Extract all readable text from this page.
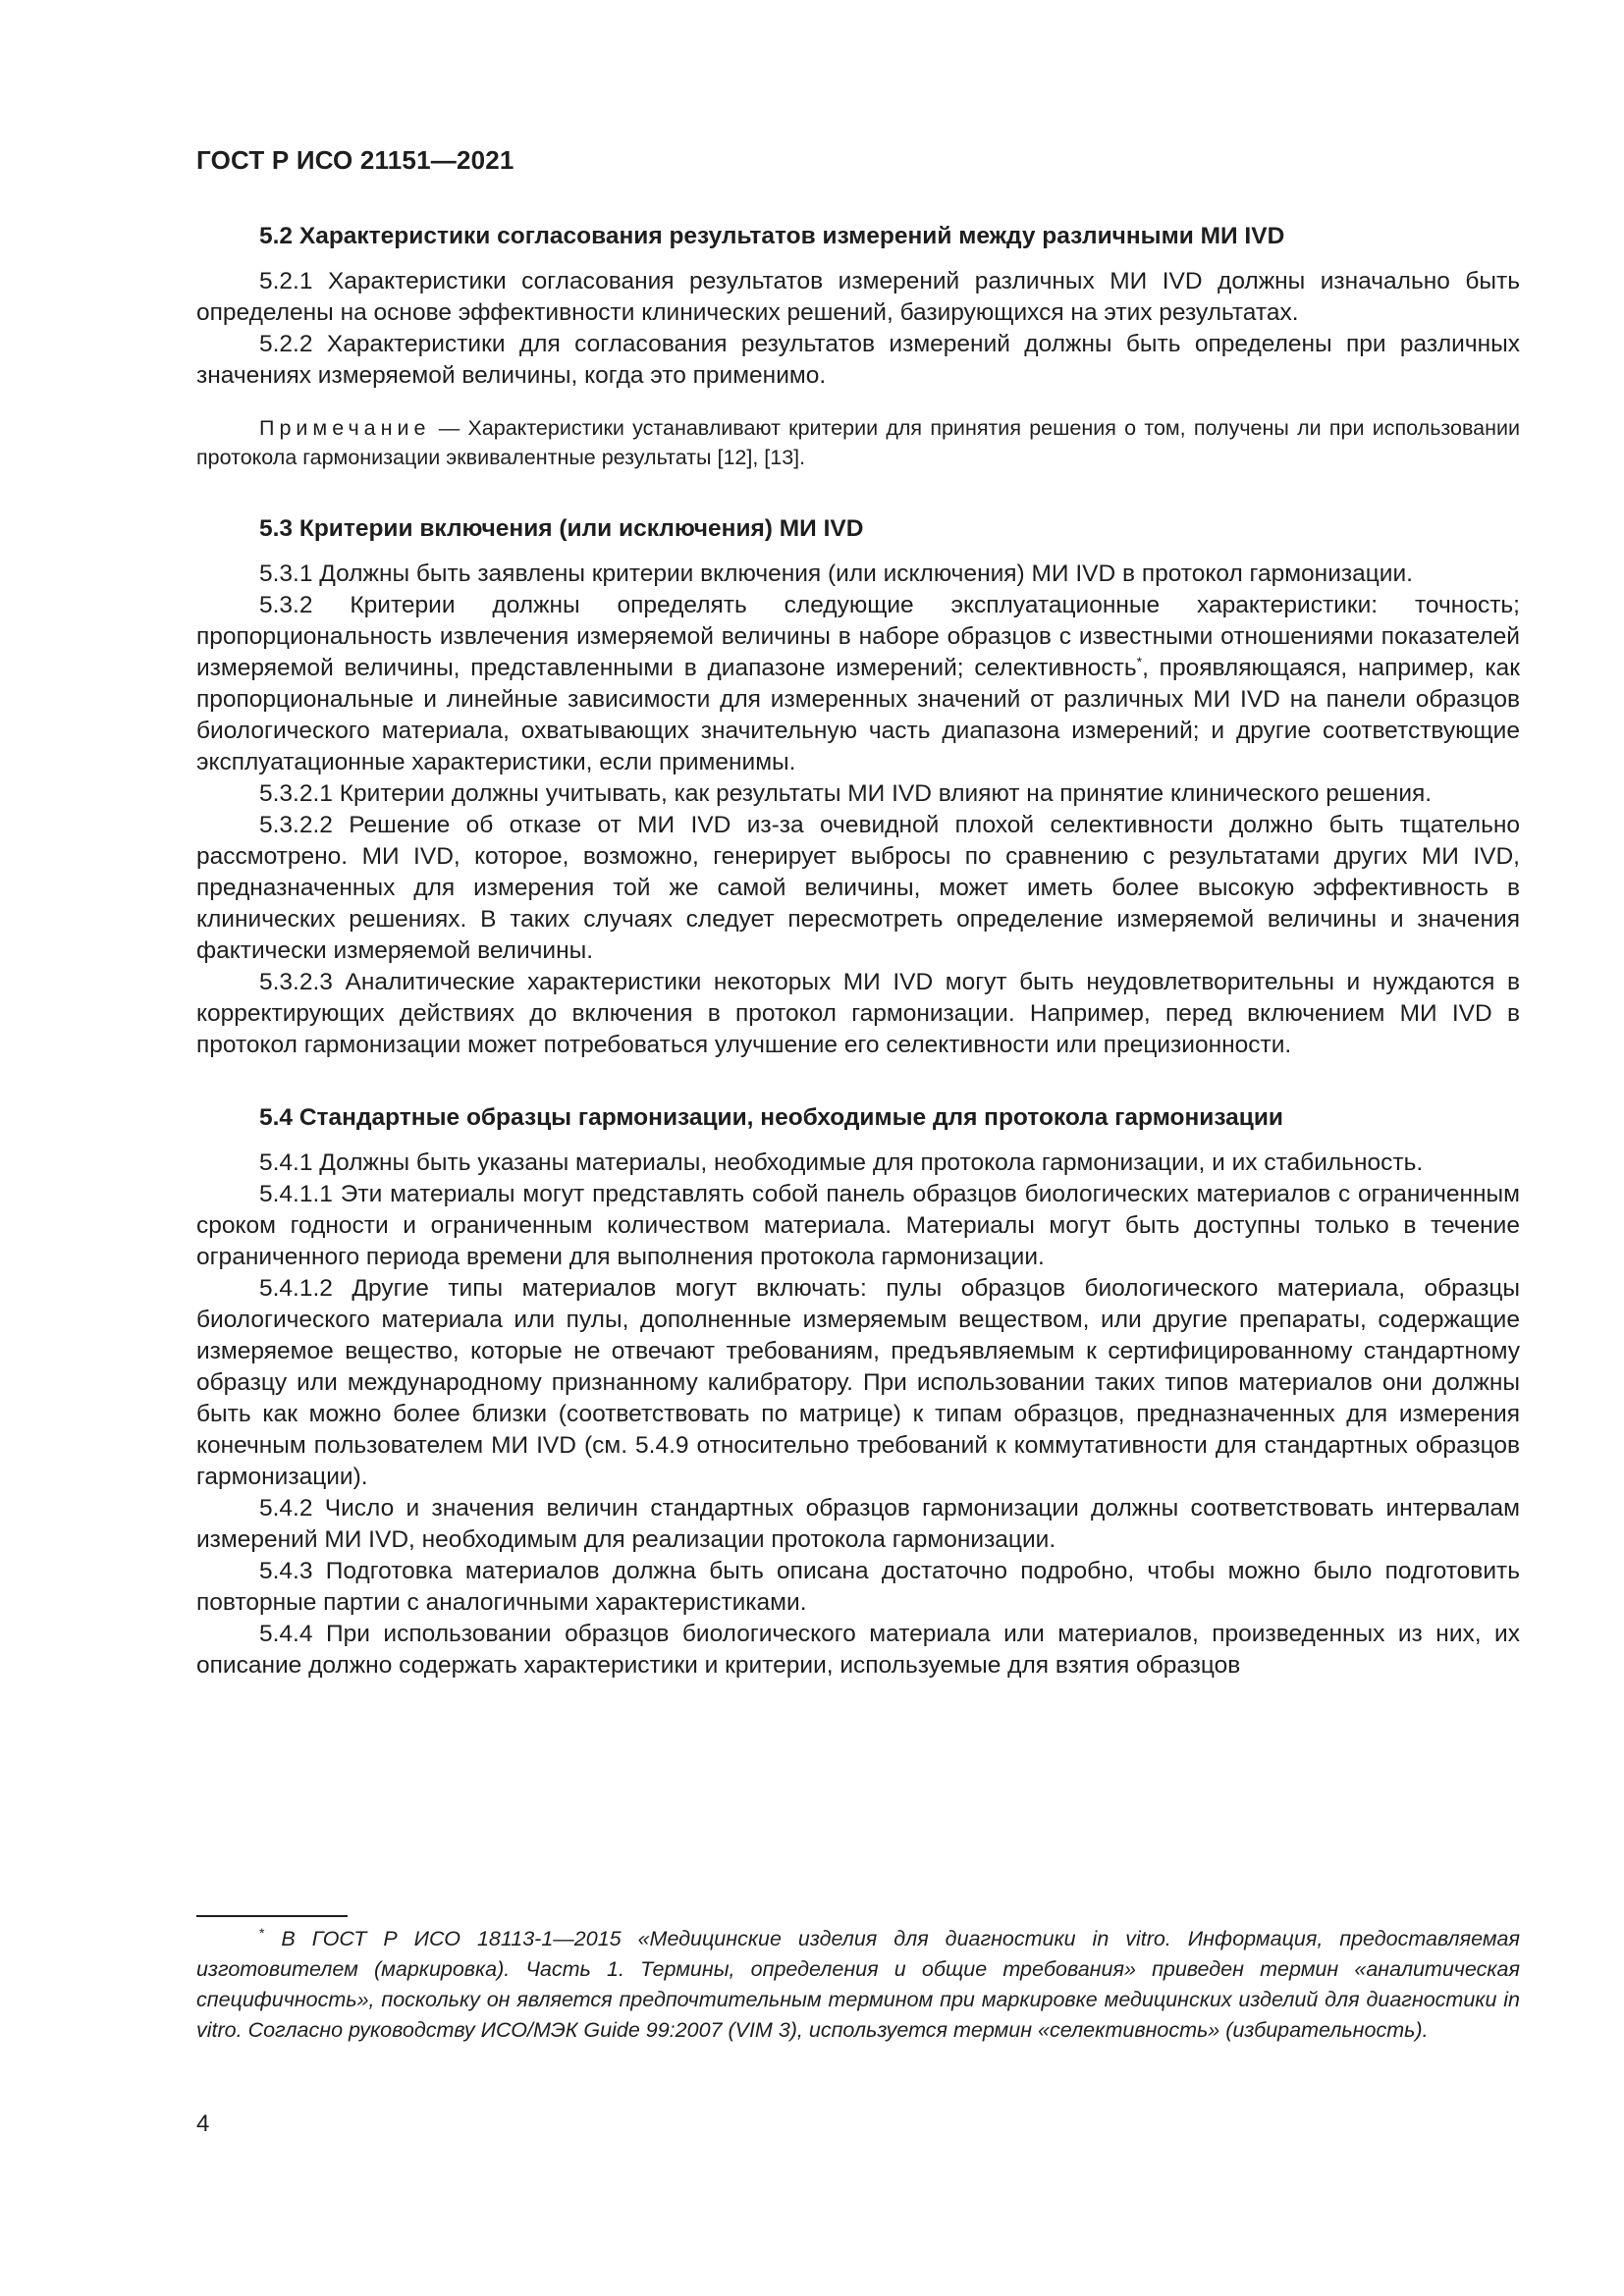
ГОСТ Р ИСО 21151—2021
5.2 Характеристики согласования результатов измерений между различными МИ IVD

5.2.1 Характеристики согласования результатов измерений различных МИ IVD должны изначально быть определены на основе эффективности клинических решений, базирующихся на этих результатах.

5.2.2 Характеристики для согласования результатов измерений должны быть определены при различных значениях измеряемой величины, когда это применимо.

Примечание — Характеристики устанавливают критерии для принятия решения о том, получены ли при использовании протокола гармонизации эквивалентные результаты [12], [13].

5.3 Критерии включения (или исключения) МИ IVD

5.3.1 Должны быть заявлены критерии включения (или исключения) МИ IVD в протокол гармонизации.

5.3.2 Критерии должны определять следующие эксплуатационные характеристики: точность; пропорциональность извлечения измеряемой величины в наборе образцов с известными отношениями показателей измеряемой величины, представленными в диапазоне измерений; селективность*, проявляющаяся, например, как пропорциональные и линейные зависимости для измеренных значений от различных МИ IVD на панели образцов биологического материала, охватывающих значительную часть диапазона измерений; и другие соответствующие эксплуатационные характеристики, если применимы.

5.3.2.1 Критерии должны учитывать, как результаты МИ IVD влияют на принятие клинического решения.

5.3.2.2 Решение об отказе от МИ IVD из-за очевидной плохой селективности должно быть тщательно рассмотрено. МИ IVD, которое, возможно, генерирует выбросы по сравнению с результатами других МИ IVD, предназначенных для измерения той же самой величины, может иметь более высокую эффективность в клинических решениях. В таких случаях следует пересмотреть определение измеряемой величины и значения фактически измеряемой величины.

5.3.2.3 Аналитические характеристики некоторых МИ IVD могут быть неудовлетворительны и нуждаются в корректирующих действиях до включения в протокол гармонизации. Например, перед включением МИ IVD в протокол гармонизации может потребоваться улучшение его селективности или прецизионности.

5.4 Стандартные образцы гармонизации, необходимые для протокола гармонизации

5.4.1 Должны быть указаны материалы, необходимые для протокола гармонизации, и их стабильность.

5.4.1.1 Эти материалы могут представлять собой панель образцов биологических материалов с ограниченным сроком годности и ограниченным количеством материала. Материалы могут быть доступны только в течение ограниченного периода времени для выполнения протокола гармонизации.

5.4.1.2 Другие типы материалов могут включать: пулы образцов биологического материала, образцы биологического материала или пулы, дополненные измеряемым веществом, или другие препараты, содержащие измеряемое вещество, которые не отвечают требованиям, предъявляемым к сертифицированному стандартному образцу или международному признанному калибратору. При использовании таких типов материалов они должны быть как можно более близки (соответствовать по матрице) к типам образцов, предназначенных для измерения конечным пользователем МИ IVD (см. 5.4.9 относительно требований к коммутативности для стандартных образцов гармонизации).

5.4.2 Число и значения величин стандартных образцов гармонизации должны соответствовать интервалам измерений МИ IVD, необходимым для реализации протокола гармонизации.

5.4.3 Подготовка материалов должна быть описана достаточно подробно, чтобы можно было подготовить повторные партии с аналогичными характеристиками.

5.4.4 При использовании образцов биологического материала или материалов, произведенных из них, их описание должно содержать характеристики и критерии, используемые для взятия образцов

* В ГОСТ Р ИСО 18113-1—2015 «Медицинские изделия для диагностики in vitro. Информация, предоставляемая изготовителем (маркировка). Часть 1. Термины, определения и общие требования» приведен термин «аналитическая специфичность», поскольку он является предпочтительным термином при маркировке медицинских изделий для диагностики in vitro. Согласно руководству ИСО/МЭК Guide 99:2007 (VIM 3), используется термин «селективность» (избирательность).

4
